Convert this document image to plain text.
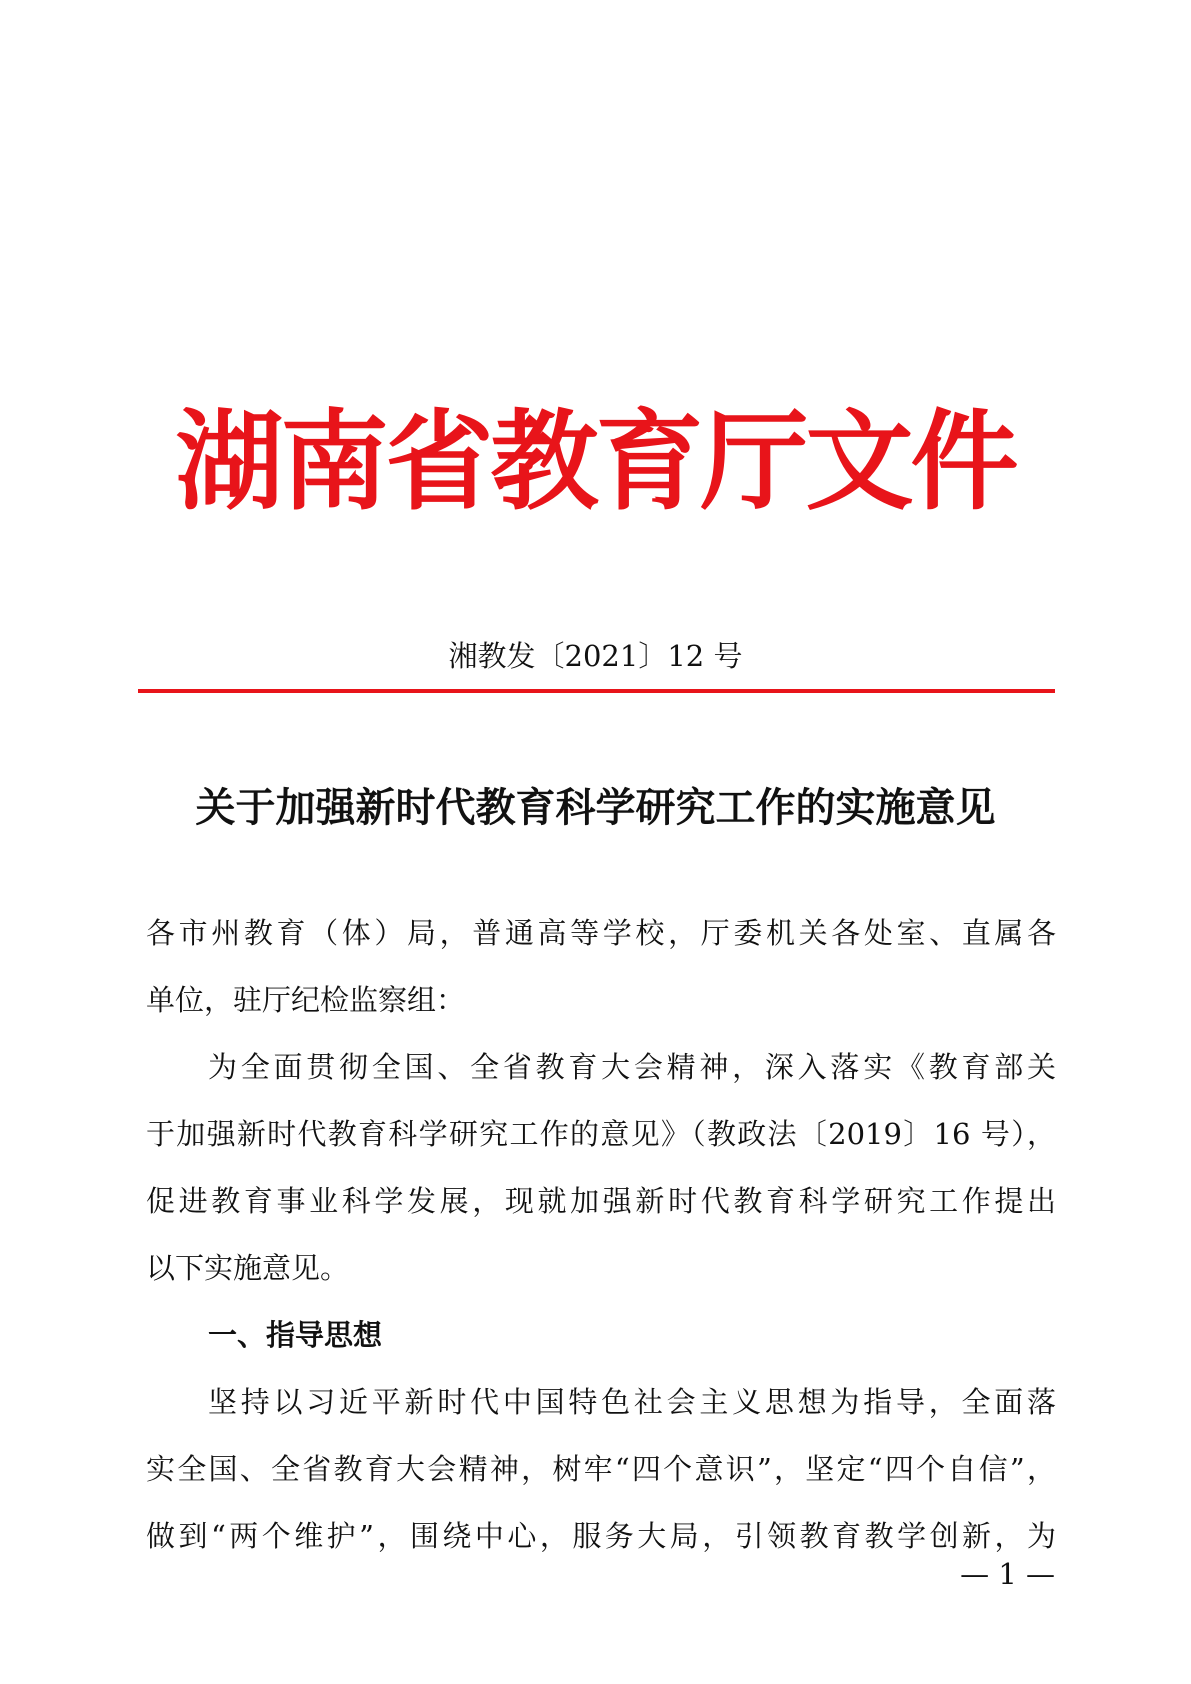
湖南省教育厅文件
湘教发〔2021〕12 号
关于加强新时代教育科学研究工作的实施意见
各市州教育（体）局，普通高等学校，厅委机关各处室、直属各
单位，驻厅纪检监察组：
为全面贯彻全国、全省教育大会精神，深入落实《教育部关
于加强新时代教育科学研究工作的意见》（教政法〔2019〕16 号），
促进教育事业科学发展，现就加强新时代教育科学研究工作提出
以下实施意见。
一、指导思想
坚持以习近平新时代中国特色社会主义思想为指导，全面落
实全国、全省教育大会精神，树牢“四个意识”，坚定“四个自信”，
做到“两个维护”，围绕中心，服务大局，引领教育教学创新，为
— 1 —
